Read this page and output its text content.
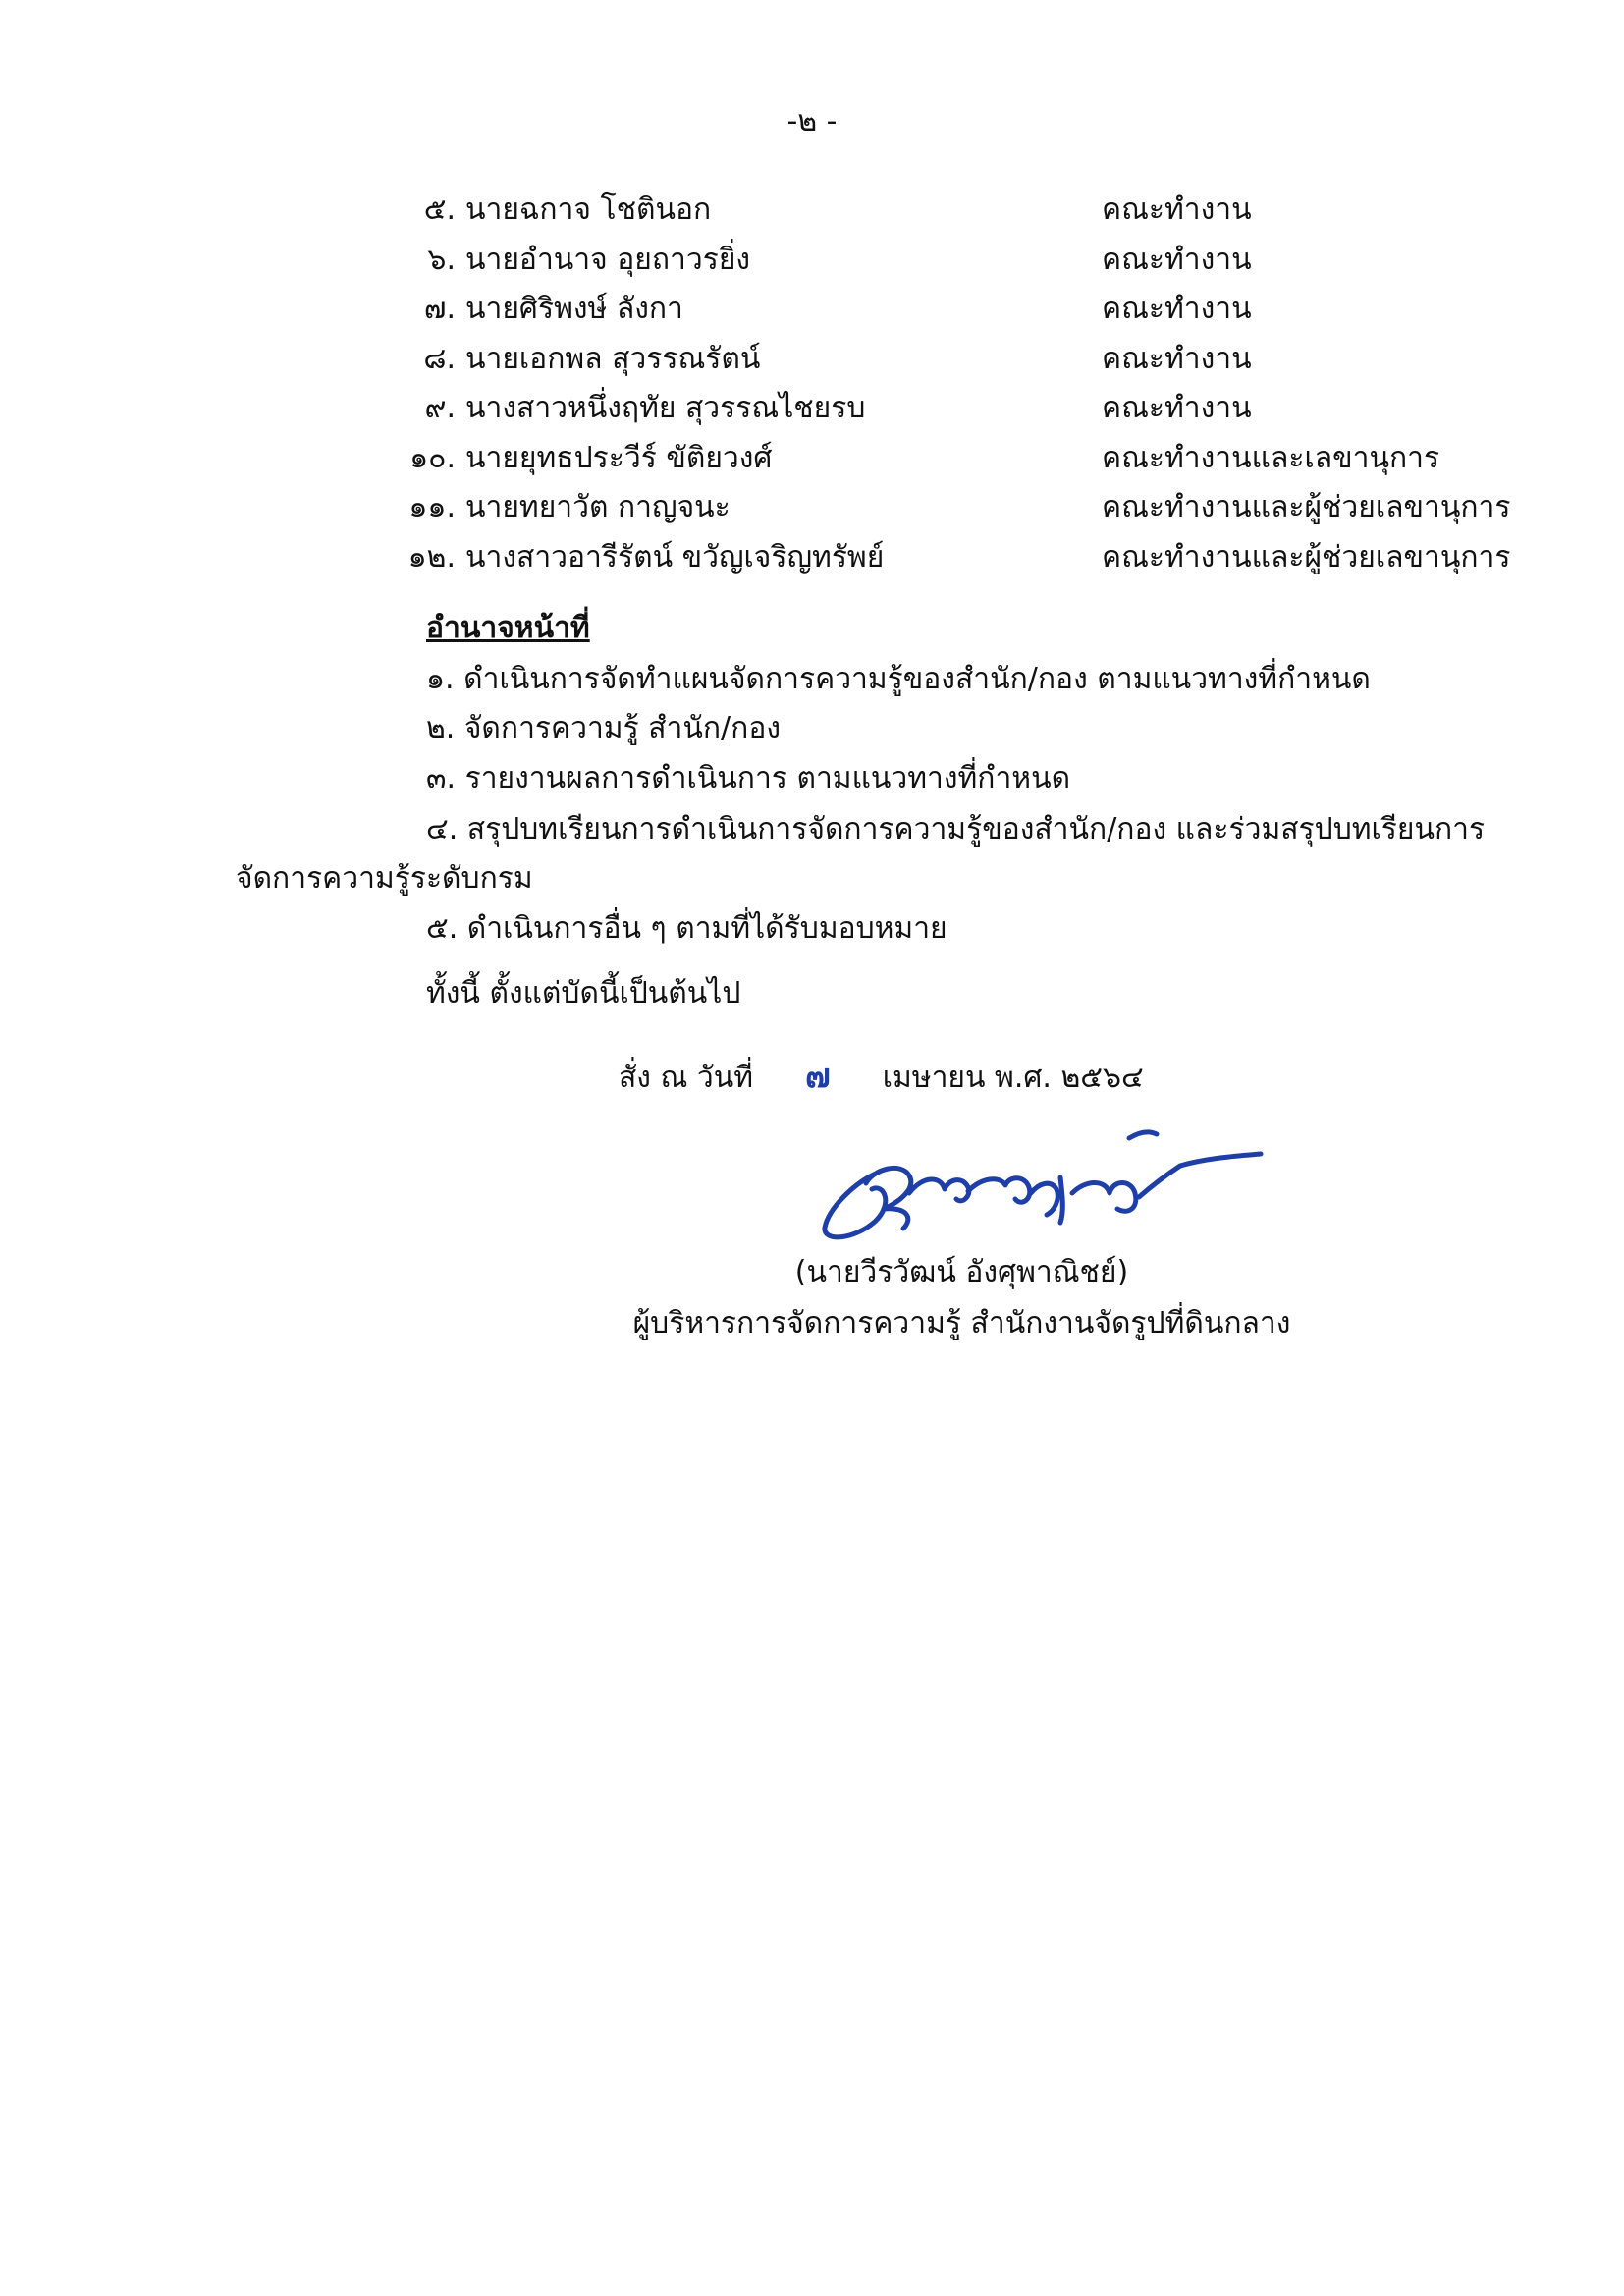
-๒ -
๕. นายฉกาจ โชตินอก	คณะทำงาน
๖. นายอำนาจ อุยถาวรยิ่ง	คณะทำงาน
๗. นายศิริพงษ์ ลังกา	คณะทำงาน
๘. นายเอกพล สุวรรณรัตน์	คณะทำงาน
๙. นางสาวหนึ่งฤทัย สุวรรณไชยรบ	คณะทำงาน
๑๐. นายยุทธประวีร์ ขัติยวงศ์	คณะทำงานและเลขานุการ
๑๑. นายทยาวัต กาญจนะ	คณะทำงานและผู้ช่วยเลขานุการ
๑๒. นางสาวอารีรัตน์ ขวัญเจริญทรัพย์	คณะทำงานและผู้ช่วยเลขานุการ
อำนาจหน้าที่
๑. ดำเนินการจัดทำแผนจัดการความรู้ของสำนัก/กอง ตามแนวทางที่กำหนด
๒. จัดการความรู้ สำนัก/กอง
๓. รายงานผลการดำเนินการ ตามแนวทางที่กำหนด
๔. สรุปบทเรียนการดำเนินการจัดการความรู้ของสำนัก/กอง และร่วมสรุปบทเรียนการ
จัดการความรู้ระดับกรม
๕. ดำเนินการอื่น ๆ ตามที่ได้รับมอบหมาย
ทั้งนี้ ตั้งแต่บัดนี้เป็นต้นไป
สั่ง ณ วันที่ ๗ เมษายน พ.ศ. ๒๕๖๔
(นายวีรวัฒน์ อังศุพาณิชย์)
ผู้บริหารการจัดการความรู้ สำนักงานจัดรูปที่ดินกลาง
